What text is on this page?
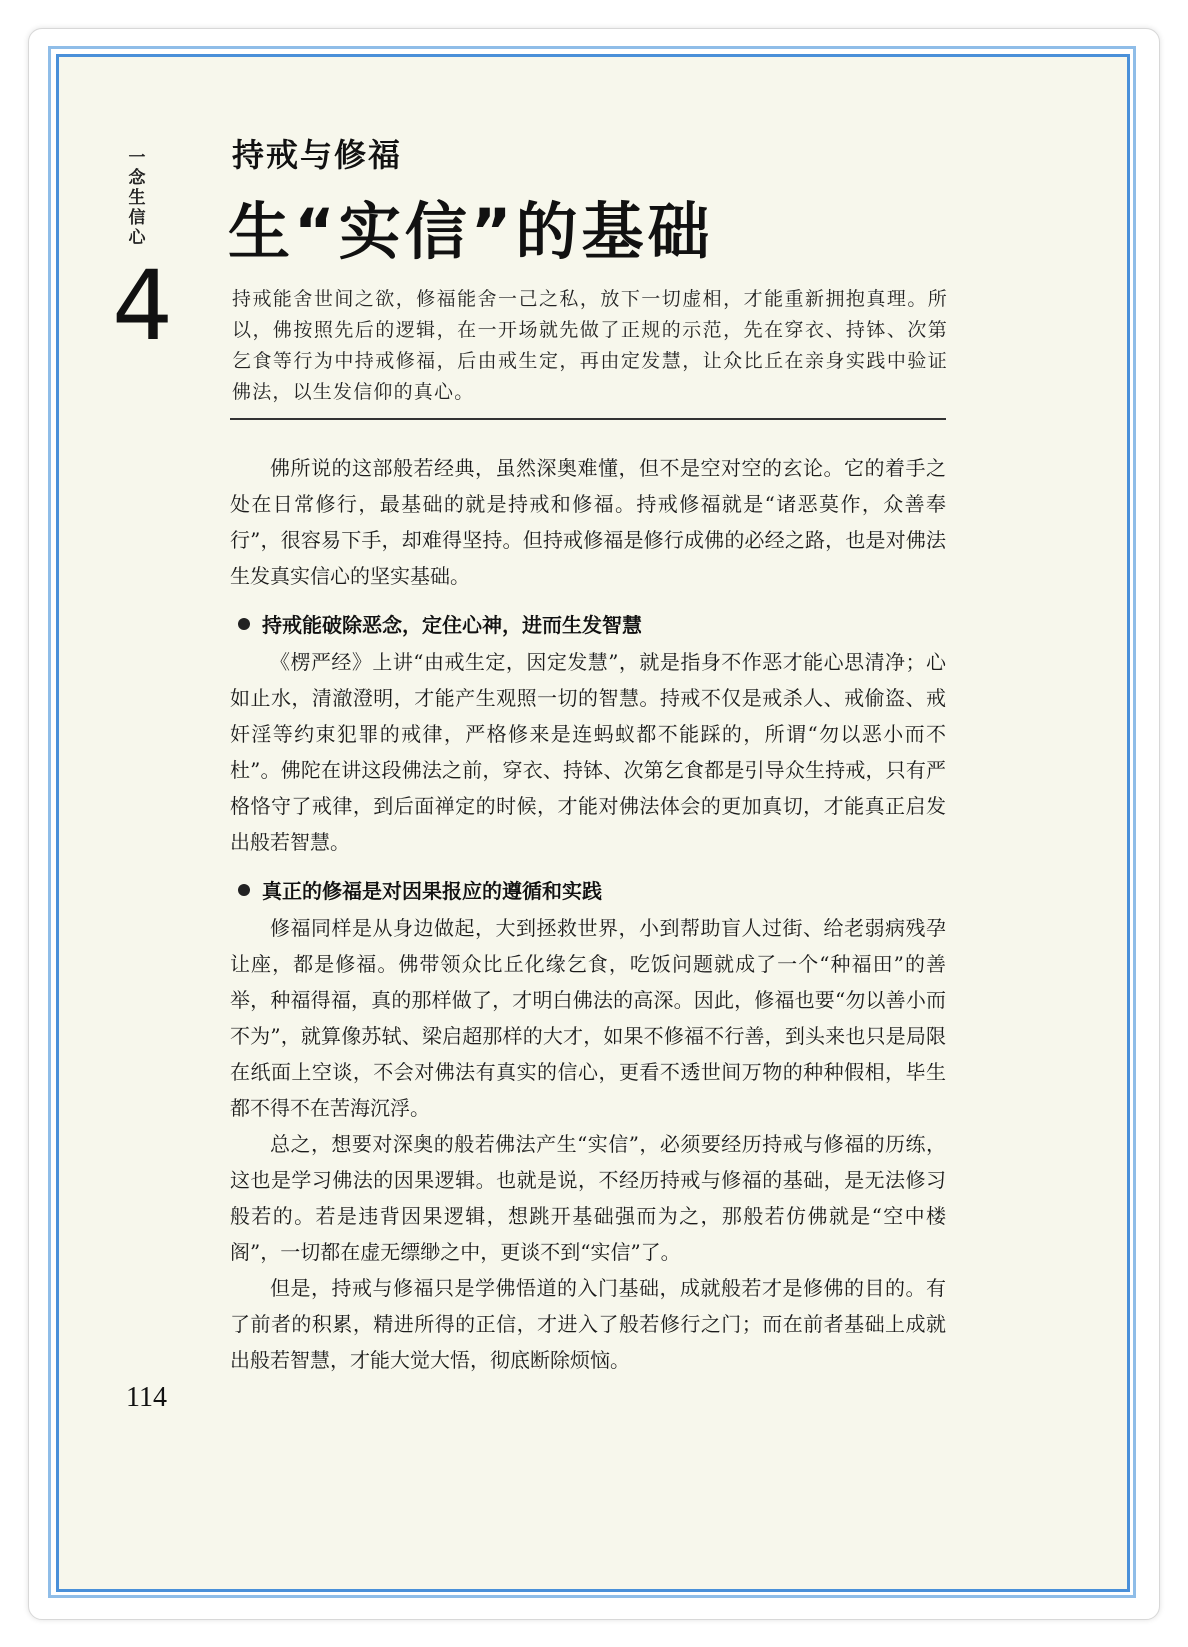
一念生信心
4
持戒与修福
生“实信”的基础
持戒能舍世间之欲，修福能舍一己之私，放下一切虚相，才能重新拥抱真理。所以，佛按照先后的逻辑，在一开场就先做了正规的示范，先在穿衣、持钵、次第乞食等行为中持戒修福，后由戒生定，再由定发慧，让众比丘在亲身实践中验证佛法，以生发信仰的真心。

佛所说的这部般若经典，虽然深奥难懂，但不是空对空的玄论。它的着手之处在日常修行，最基础的就是持戒和修福。持戒修福就是“诸恶莫作，众善奉行”，很容易下手，却难得坚持。但持戒修福是修行成佛的必经之路，也是对佛法生发真实信心的坚实基础。

持戒能破除恶念，定住心神，进而生发智慧

《楞严经》上讲“由戒生定，因定发慧”，就是指身不作恶才能心思清净；心如止水，清澈澄明，才能产生观照一切的智慧。持戒不仅是戒杀人、戒偷盗、戒奸淫等约束犯罪的戒律，严格修来是连蚂蚁都不能踩的，所谓“勿以恶小而不杜”。佛陀在讲这段佛法之前，穿衣、持钵、次第乞食都是引导众生持戒，只有严格恪守了戒律，到后面禅定的时候，才能对佛法体会的更加真切，才能真正启发出般若智慧。

真正的修福是对因果报应的遵循和实践

修福同样是从身边做起，大到拯救世界，小到帮助盲人过街、给老弱病残孕让座，都是修福。佛带领众比丘化缘乞食，吃饭问题就成了一个“种福田”的善举，种福得福，真的那样做了，才明白佛法的高深。因此，修福也要“勿以善小而不为”，就算像苏轼、梁启超那样的大才，如果不修福不行善，到头来也只是局限在纸面上空谈，不会对佛法有真实的信心，更看不透世间万物的种种假相，毕生都不得不在苦海沉浮。

总之，想要对深奥的般若佛法产生“实信”，必须要经历持戒与修福的历练，这也是学习佛法的因果逻辑。也就是说，不经历持戒与修福的基础，是无法修习般若的。若是违背因果逻辑，想跳开基础强而为之，那般若仿佛就是“空中楼阁”，一切都在虚无缥缈之中，更谈不到“实信”了。

但是，持戒与修福只是学佛悟道的入门基础，成就般若才是修佛的目的。有了前者的积累，精进所得的正信，才进入了般若修行之门；而在前者基础上成就出般若智慧，才能大觉大悟，彻底断除烦恼。

114
